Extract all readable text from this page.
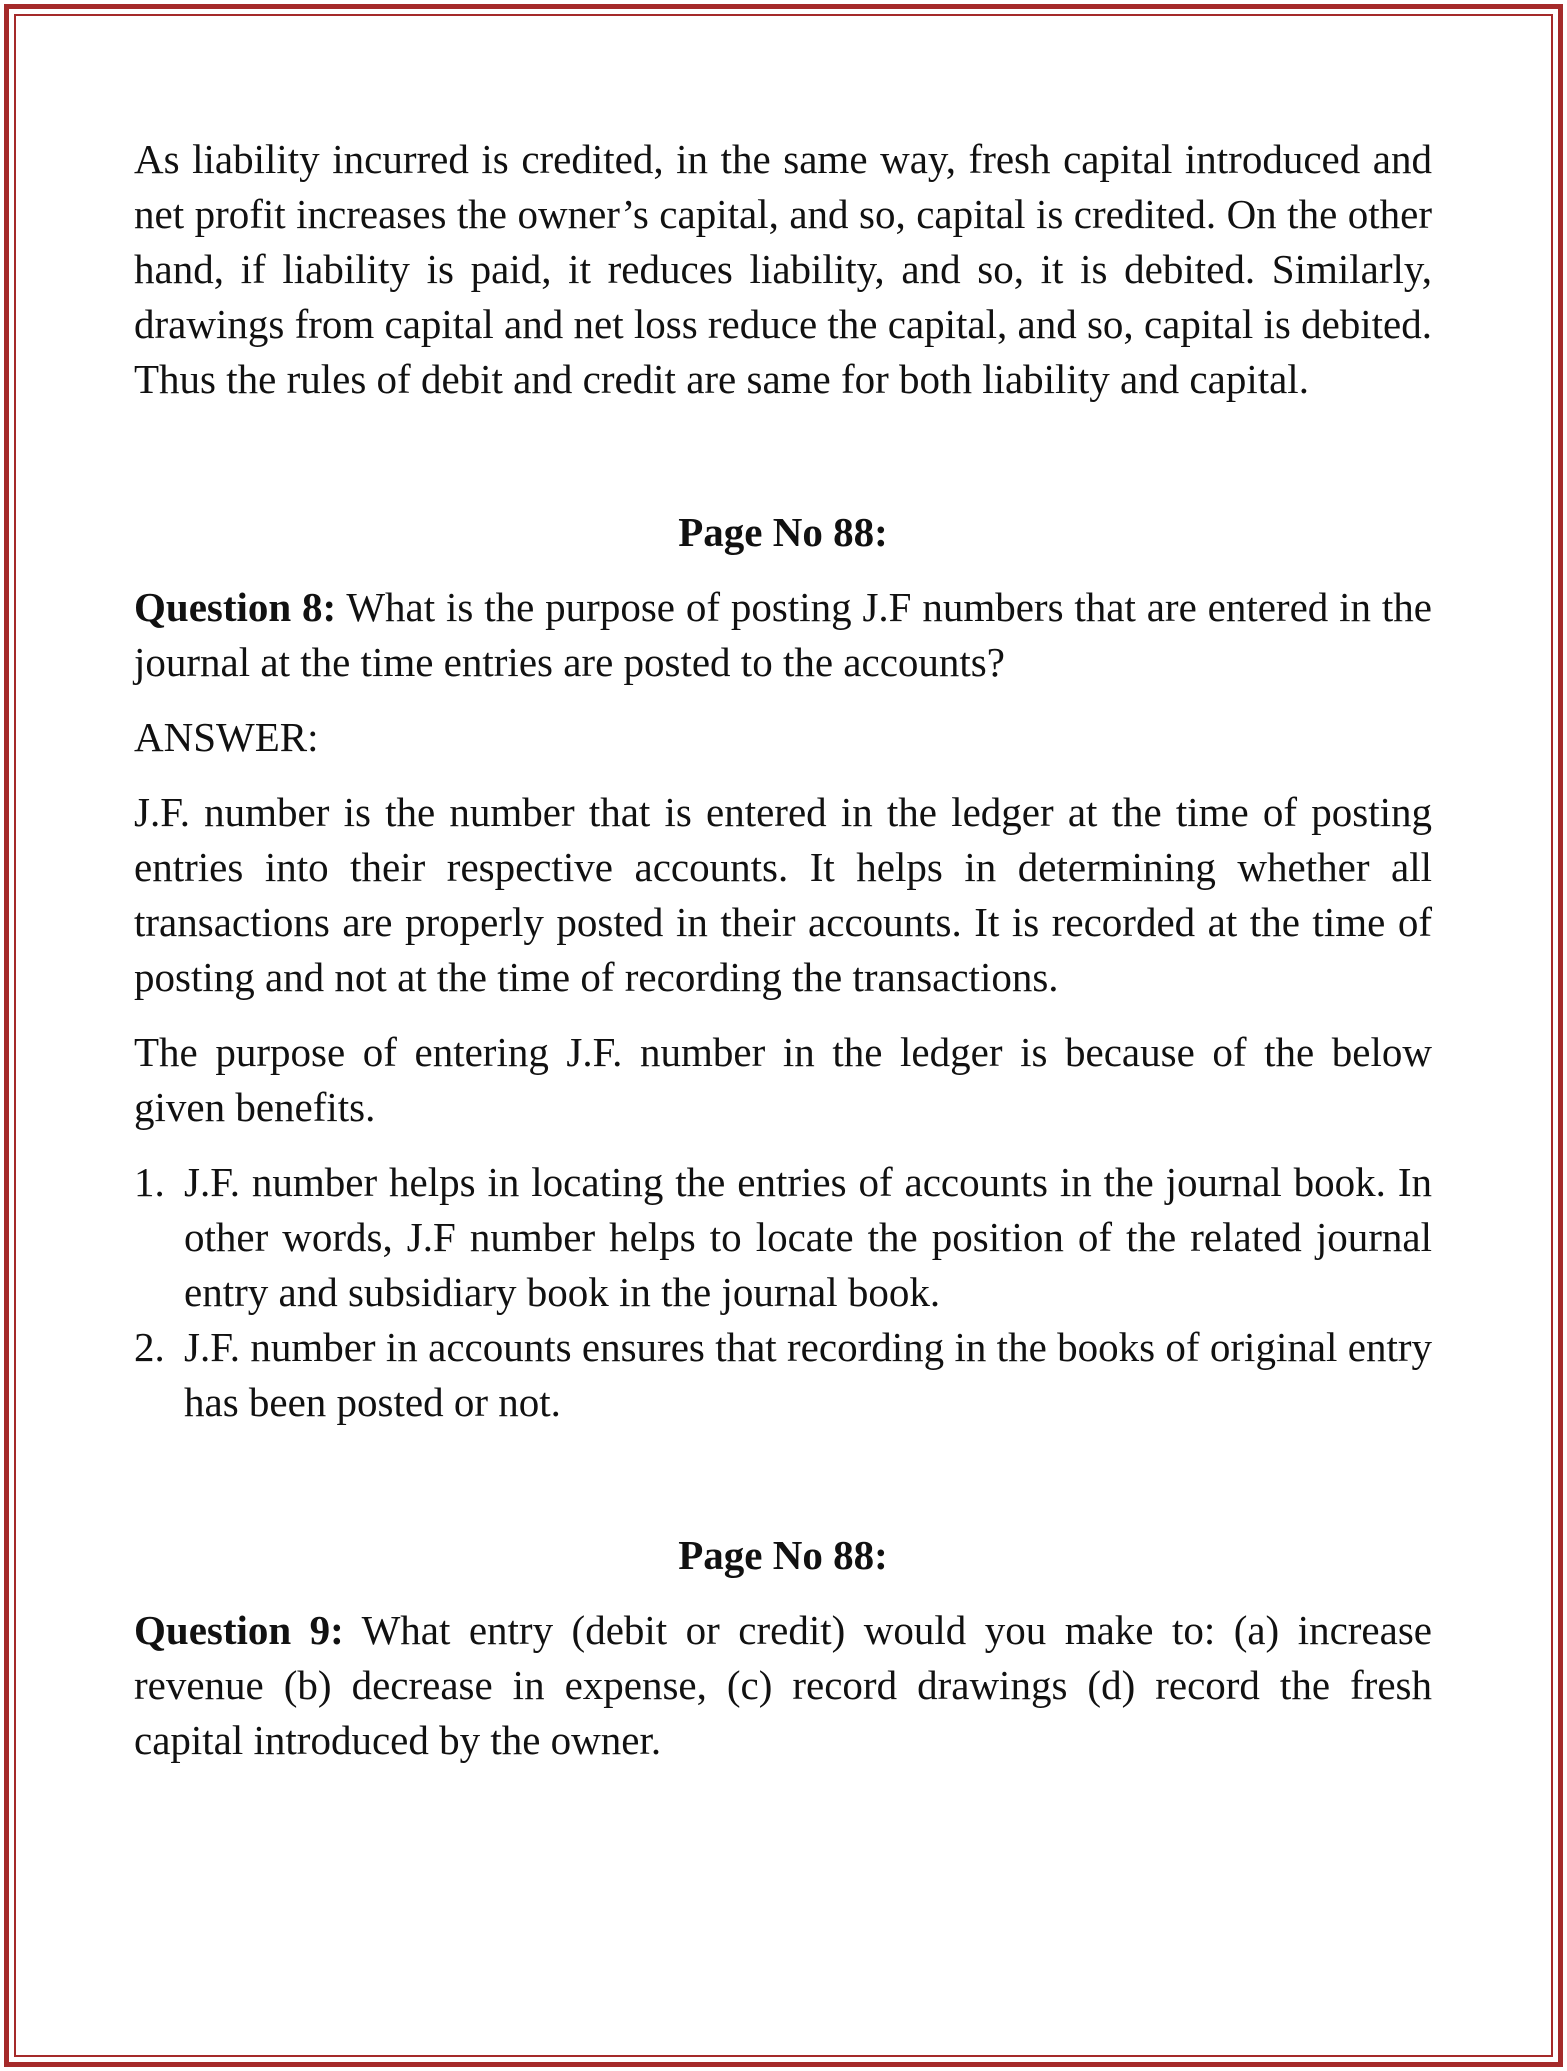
As liability incurred is credited, in the same way, fresh capital introduced and net profit increases the owner’s capital, and so, capital is credited. On the other hand, if liability is paid, it reduces liability, and so, it is debited. Similarly, drawings from capital and net loss reduce the capital, and so, capital is debited. Thus the rules of debit and credit are same for both liability and capital.

Page No 88:

Question 8: What is the purpose of posting J.F numbers that are entered in the journal at the time entries are posted to the accounts?

ANSWER:

J.F. number is the number that is entered in the ledger at the time of posting entries into their respective accounts. It helps in determining whether all transactions are properly posted in their accounts. It is recorded at the time of posting and not at the time of recording the transactions.

The purpose of entering J.F. number in the ledger is because of the below given benefits.

1. J.F. number helps in locating the entries of accounts in the journal book. In other words, J.F number helps to locate the position of the related journal entry and subsidiary book in the journal book.
2. J.F. number in accounts ensures that recording in the books of original entry has been posted or not.

Page No 88:

Question 9: What entry (debit or credit) would you make to: (a) increase revenue (b) decrease in expense, (c) record drawings (d) record the fresh capital introduced by the owner.
